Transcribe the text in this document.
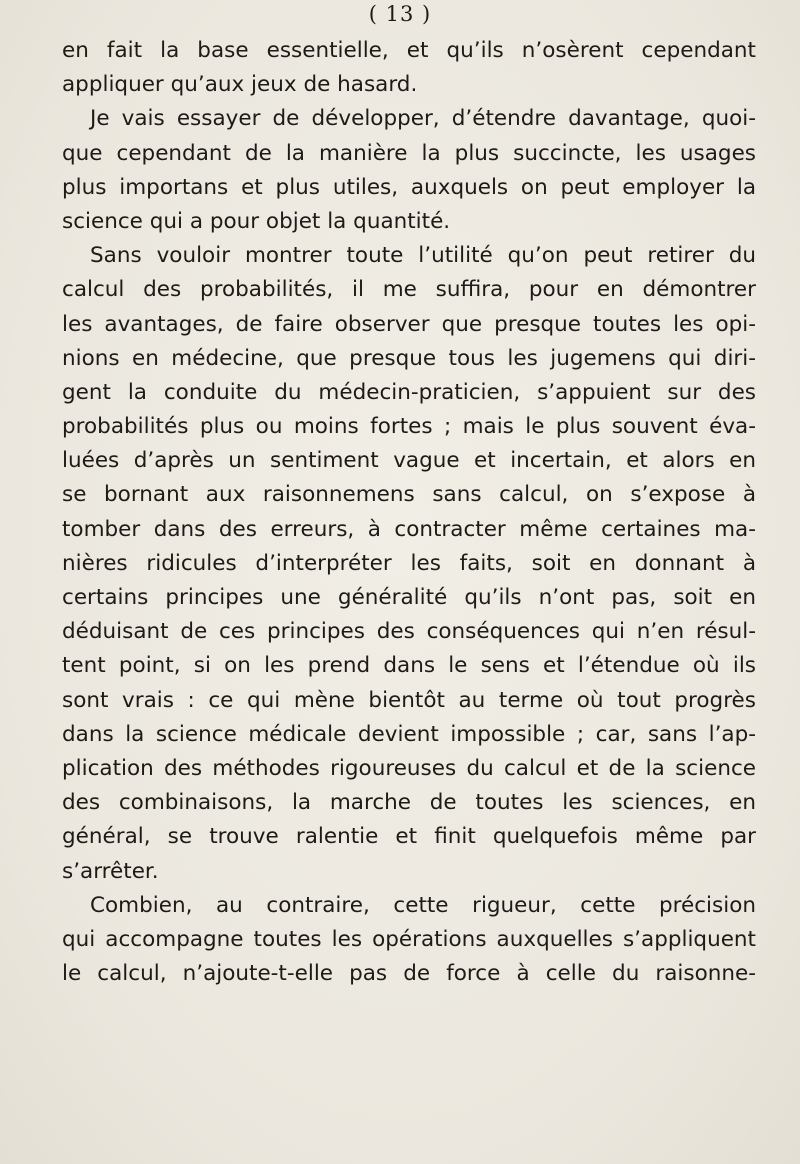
( 13 )
en fait la base essentielle, et qu’ils n’osèrent cependant
appliquer qu’aux jeux de hasard.
Je vais essayer de développer, d’étendre davantage, quoi-
que cependant de la manière la plus succincte, les usages
plus importans et plus utiles, auxquels on peut employer la
science qui a pour objet la quantité.
Sans vouloir montrer toute l’utilité qu’on peut retirer du
calcul des probabilités, il me suffira, pour en démontrer
les avantages, de faire observer que presque toutes les opi-
nions en médecine, que presque tous les jugemens qui diri-
gent la conduite du médecin-praticien, s’appuient sur des
probabilités plus ou moins fortes ; mais le plus souvent éva-
luées d’après un sentiment vague et incertain, et alors en
se bornant aux raisonnemens sans calcul, on s’expose à
tomber dans des erreurs, à contracter même certaines ma-
nières ridicules d’interpréter les faits, soit en donnant à
certains principes une généralité qu’ils n’ont pas, soit en
déduisant de ces principes des conséquences qui n’en résul-
tent point, si on les prend dans le sens et l’étendue où ils
sont vrais : ce qui mène bientôt au terme où tout progrès
dans la science médicale devient impossible ; car, sans l’ap-
plication des méthodes rigoureuses du calcul et de la science
des combinaisons, la marche de toutes les sciences, en
général, se trouve ralentie et finit quelquefois même par
s’arrêter.
Combien, au contraire, cette rigueur, cette précision
qui accompagne toutes les opérations auxquelles s’appliquent
le calcul, n’ajoute-t-elle pas de force à celle du raisonne-
